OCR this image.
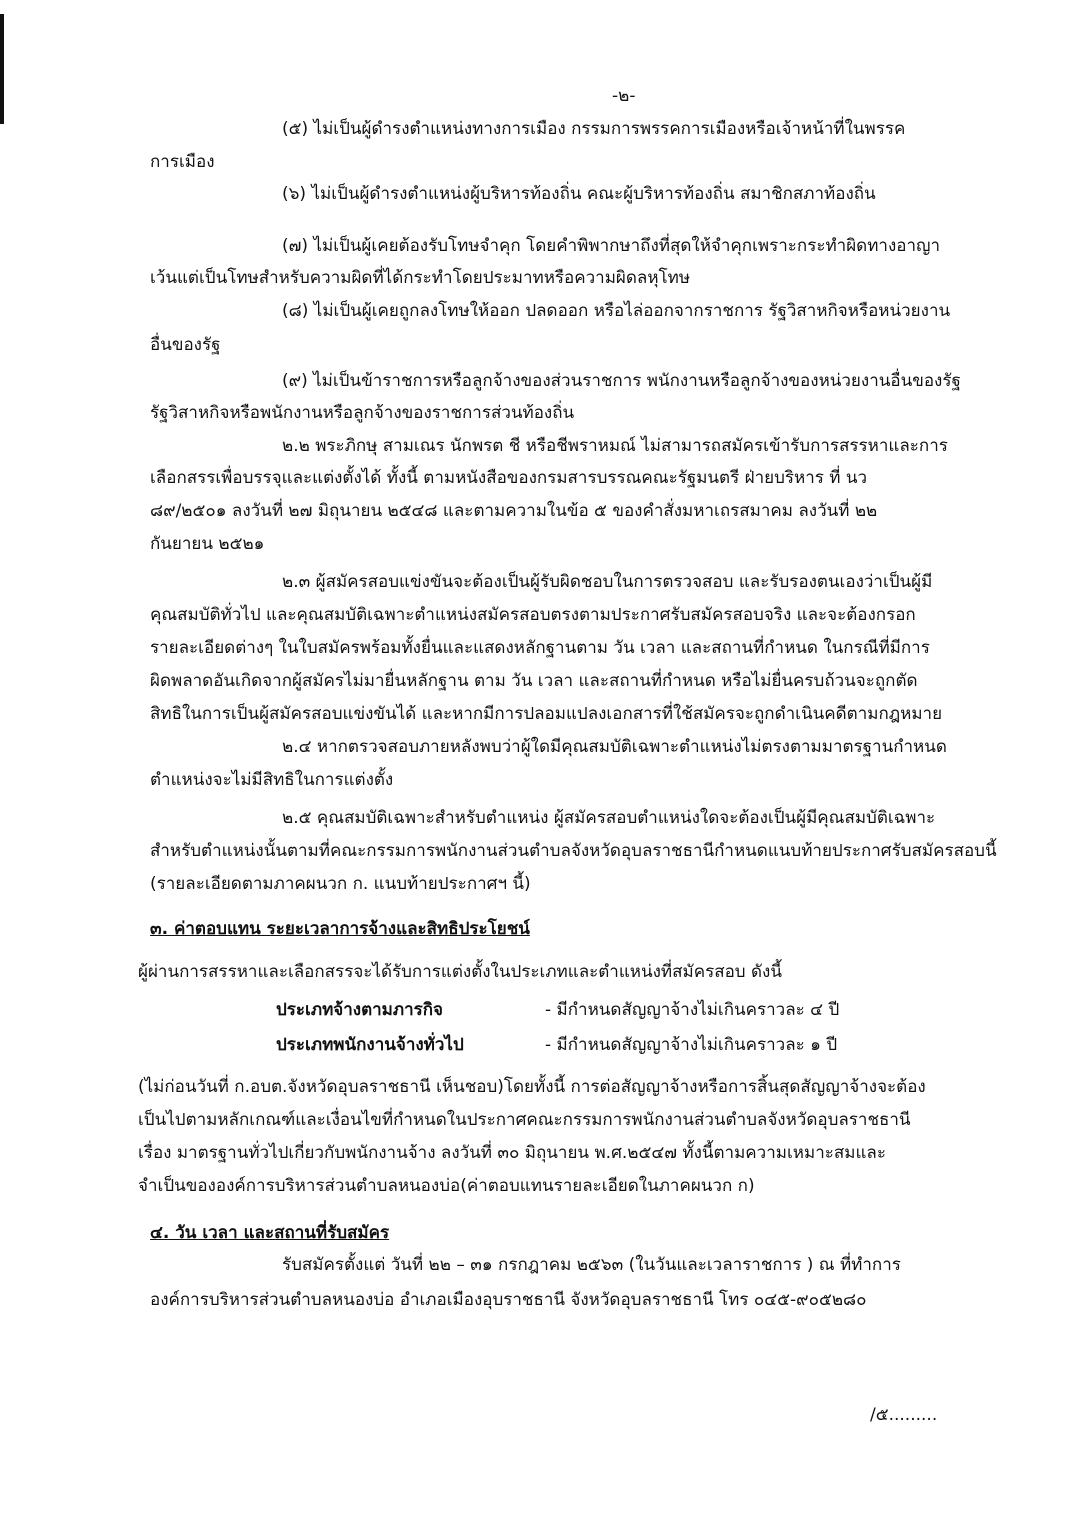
-๒-
(๕) ไม่เป็นผู้ดำรงตำแหน่งทางการเมือง กรรมการพรรคการเมืองหรือเจ้าหน้าที่ในพรรค
การเมือง
(๖) ไม่เป็นผู้ดำรงตำแหน่งผู้บริหารท้องถิ่น คณะผู้บริหารท้องถิ่น สมาชิกสภาท้องถิ่น
(๗) ไม่เป็นผู้เคยต้องรับโทษจำคุก โดยคำพิพากษาถึงที่สุดให้จำคุกเพราะกระทำผิดทางอาญา
เว้นแต่เป็นโทษสำหรับความผิดที่ได้กระทำโดยประมาทหรือความผิดลหุโทษ
(๘) ไม่เป็นผู้เคยถูกลงโทษให้ออก ปลดออก หรือไล่ออกจากราชการ รัฐวิสาหกิจหรือหน่วยงาน
อื่นของรัฐ
(๙) ไม่เป็นข้าราชการหรือลูกจ้างของส่วนราชการ พนักงานหรือลูกจ้างของหน่วยงานอื่นของรัฐ
รัฐวิสาหกิจหรือพนักงานหรือลูกจ้างของราชการส่วนท้องถิ่น
๒.๒ พระภิกษุ สามเณร นักพรต ชี หรือชีพราหมณ์ ไม่สามารถสมัครเข้ารับการสรรหาและการ
เลือกสรรเพื่อบรรจุและแต่งตั้งได้ ทั้งนี้ ตามหนังสือของกรมสารบรรณคณะรัฐมนตรี ฝ่ายบริหาร ที่ นว
๘๙/๒๕๐๑ ลงวันที่ ๒๗ มิถุนายน ๒๕๔๘ และตามความในข้อ ๕ ของคำสั่งมหาเถรสมาคม ลงวันที่ ๒๒
กันยายน ๒๕๒๑
๒.๓ ผู้สมัครสอบแข่งขันจะต้องเป็นผู้รับผิดชอบในการตรวจสอบ และรับรองตนเองว่าเป็นผู้มี
คุณสมบัติทั่วไป และคุณสมบัติเฉพาะตำแหน่งสมัครสอบตรงตามประกาศรับสมัครสอบจริง และจะต้องกรอก
รายละเอียดต่างๆ ในใบสมัครพร้อมทั้งยื่นและแสดงหลักฐานตาม วัน เวลา และสถานที่กำหนด ในกรณีที่มีการ
ผิดพลาดอันเกิดจากผู้สมัครไม่มายื่นหลักฐาน ตาม วัน เวลา และสถานที่กำหนด หรือไม่ยื่นครบถ้วนจะถูกตัด
สิทธิในการเป็นผู้สมัครสอบแข่งขันได้ และหากมีการปลอมแปลงเอกสารที่ใช้สมัครจะถูกดำเนินคดีตามกฎหมาย
๒.๔ หากตรวจสอบภายหลังพบว่าผู้ใดมีคุณสมบัติเฉพาะตำแหน่งไม่ตรงตามมาตรฐานกำหนด
ตำแหน่งจะไม่มีสิทธิในการแต่งตั้ง
๒.๕ คุณสมบัติเฉพาะสำหรับตำแหน่ง ผู้สมัครสอบตำแหน่งใดจะต้องเป็นผู้มีคุณสมบัติเฉพาะ
สำหรับตำแหน่งนั้นตามที่คณะกรรมการพนักงานส่วนตำบลจังหวัดอุบลราชธานีกำหนดแนบท้ายประกาศรับสมัครสอบนี้
(รายละเอียดตามภาคผนวก ก. แนบท้ายประกาศฯ นี้)
๓. ค่าตอบแทน ระยะเวลาการจ้างและสิทธิประโยชน์
ผู้ผ่านการสรรหาและเลือกสรรจะได้รับการแต่งตั้งในประเภทและตำแหน่งที่สมัครสอบ ดังนี้
ประเภทจ้างตามภารกิจ	- มีกำหนดสัญญาจ้างไม่เกินคราวละ ๔ ปี
ประเภทพนักงานจ้างทั่วไป	- มีกำหนดสัญญาจ้างไม่เกินคราวละ ๑ ปี
(ไม่ก่อนวันที่ ก.อบต.จังหวัดอุบลราชธานี เห็นชอบ)โดยทั้งนี้ การต่อสัญญาจ้างหรือการสิ้นสุดสัญญาจ้างจะต้อง
เป็นไปตามหลักเกณฑ์และเงื่อนไขที่กำหนดในประกาศคณะกรรมการพนักงานส่วนตำบลจังหวัดอุบลราชธานี
เรื่อง มาตรฐานทั่วไปเกี่ยวกับพนักงานจ้าง ลงวันที่ ๓๐ มิถุนายน พ.ศ.๒๕๔๗ ทั้งนี้ตามความเหมาะสมและ
จำเป็นขององค์การบริหารส่วนตำบลหนองบ่อ(ค่าตอบแทนรายละเอียดในภาคผนวก ก)
๔. วัน เวลา และสถานที่รับสมัคร
รับสมัครตั้งแต่ วันที่ ๒๒ – ๓๑ กรกฎาคม ๒๕๖๓ (ในวันและเวลาราชการ ) ณ ที่ทำการ
องค์การบริหารส่วนตำบลหนองบ่อ อำเภอเมืองอุบราชธานี จังหวัดอุบลราชธานี โทร ๐๔๕-๙๐๕๒๘๐
/๕.........
